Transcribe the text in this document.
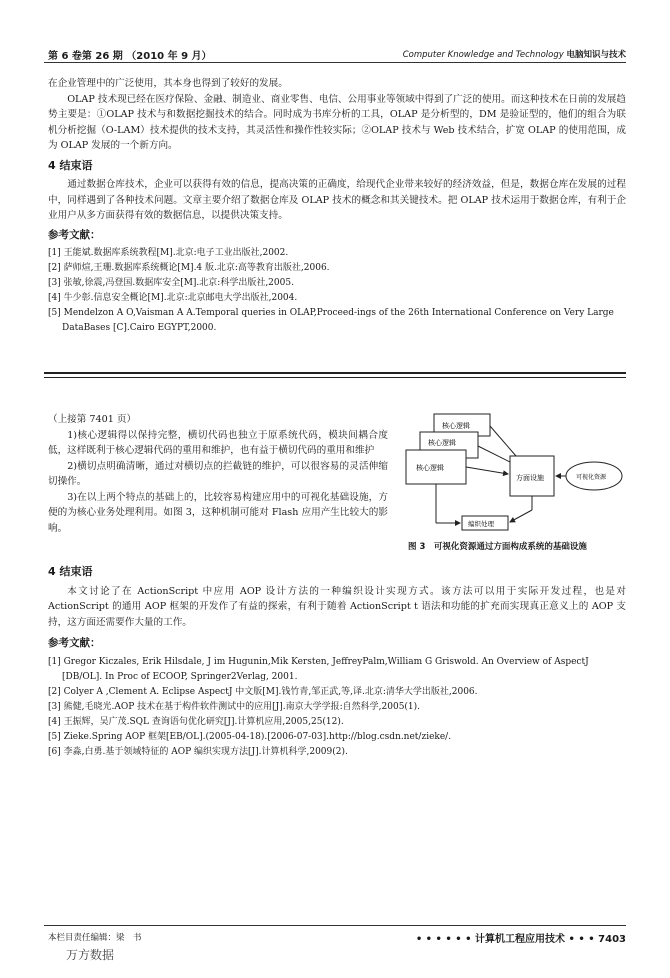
第 6 卷第 26 期 （2010 年 9 月）	Computer Knowledge and Technology 电脑知识与技术
在企业管理中的广泛使用，其本身也得到了较好的发展。
OLAP 技术现已经在医疗保险、金融、制造业、商业零售、电信、公用事业等领域中得到了广泛的使用。而这种技术在日前的发展趋势主要是：①OLAP 技术与和数据挖掘技术的结合。同时成为书库分析的工具，OLAP 是分析型的，DM 是验证型的，他们的组合为联机分析挖掘（O-LAM）技术提供的技术支持，其灵活性和操作性较实际；②OLAP 技术与 Web 技术结合，扩宽 OLAP 的使用范围，成为 OLAP 发展的一个新方向。
4 结束语
通过数据仓库技术，企业可以获得有效的信息，提高决策的正确度，给现代企业带来较好的经济效益，但是，数据仓库在发展的过程中，同样遇到了各种技术问题。文章主要介绍了数据仓库及 OLAP 技术的概念和其关键技术。把 OLAP 技术运用于数据仓库，有利于企业用户从多方面获得有效的数据信息，以提供决策支持。
参考文献：
[1] 王能斌.数据库系统教程[M].北京:电子工业出版社,2002.
[2] 萨师煊,王珊.数据库系统概论[M].4 版.北京:高等教育出版社,2006.
[3] 张敏,徐震,冯登国.数据库安全[M].北京:科学出版社,2005.
[4] 牛少彰.信息安全概论[M].北京:北京邮电大学出版社,2004.
[5] Mendelzon A O,Vaisman A A.Temporal queries in OLAP,Proceed-ings of the 26th International Conference on Very Large DataBases [C].Cairo EGYPT,2000.
（上接第 7401 页）
1)核心逻辑得以保持完整，横切代码也独立于原系统代码，模块间耦合度低，这样既利于核心逻辑代码的重用和维护，也有益于横切代码的重用和维护
2)横切点明确清晰，通过对横切点的拦截链的维护，可以很容易的灵活伸缩切操作。
3)在以上两个特点的基础上的，比较容易构建应用中的可视化基础设施，方便的为核心业务处理利用。如图 3，这种机制可能对 Flash 应用产生比较大的影响。
核心逻辑
核心逻辑
核心逻辑
方面设施	可视化资源
编织处理
图 3　可视化资源通过方面构成系统的基础设施
4 结束语
本文讨论了在 ActionScript 中应用 AOP 设计方法的一种编织设计实现方式。该方法可以用于实际开发过程，也是对 ActionScript 的通用 AOP 框架的开发作了有益的探索，有利于随着 ActionScript t 语法和功能的扩充而实现真正意义上的 AOP 支持，这方面还需要作大量的工作。
参考文献：
[1] Gregor Kiczales, Erik Hilsdale, J im Hugunin,Mik Kersten, JeffreyPalm,William G Griswold. An Overview of AspectJ [DB/OL]. In Proc of ECOOP, Springer2Verlag, 2001.
[2] Colyer A ,Clement A. Eclipse AspectJ 中文版[M].钱竹青,邹正武,等,译.北京:清华大学出版社,2006.
[3] 熊健,毛晓光.AOP 技术在基于构件软件测试中的应用[J].南京大学学报:自然科学,2005(1).
[4] 王振辉，吴广茂.SQL 查询语句优化研究[J].计算机应用,2005,25(12).
[5] Zieke.Spring AOP 框架[EB/OL].(2005-04-18).[2006-07-03].http://blog.csdn.net/zieke/.
[6] 李淼,白勇.基于领域特征的 AOP 编织实现方法[J].计算机科学,2009(2).
本栏目责任编辑：梁　书	• • • • • • 计算机工程应用技术 • • • 7403
万方数据
